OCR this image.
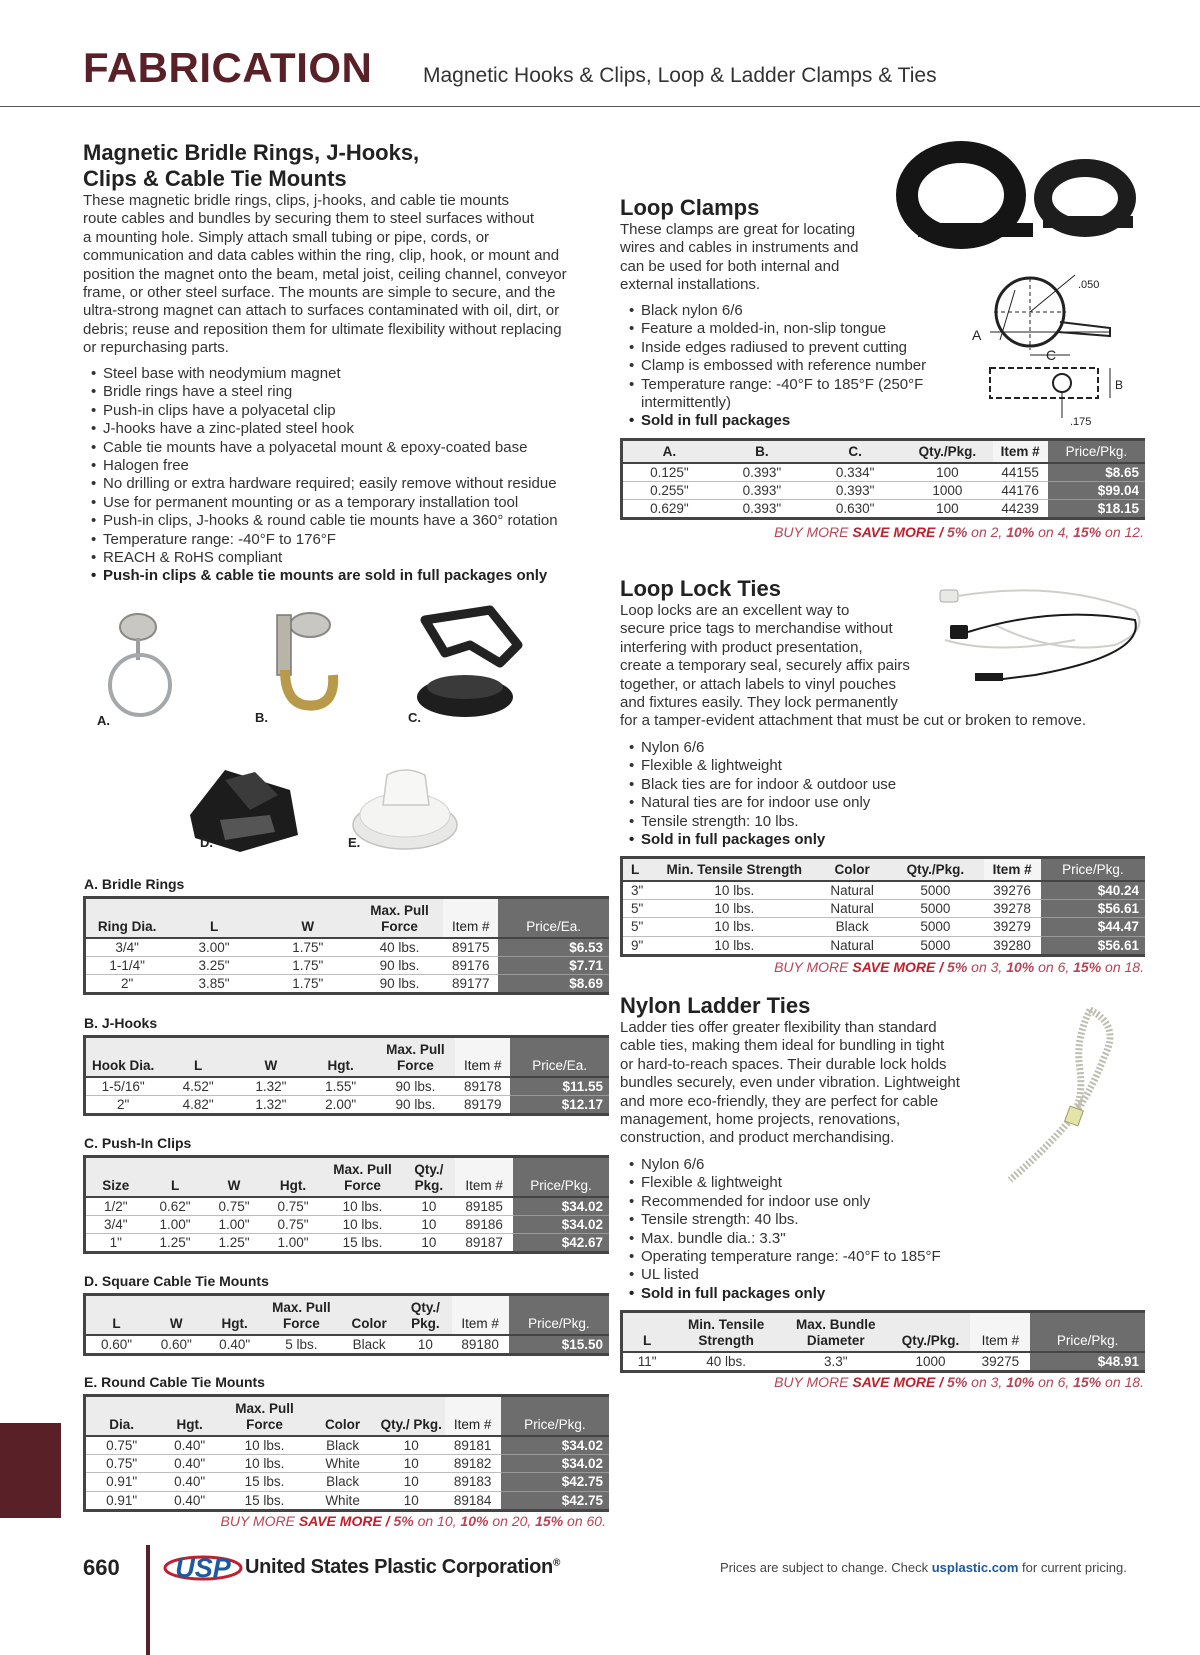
FABRICATION Magnetic Hooks & Clips, Loop & Ladder Clamps & Ties
Magnetic Bridle Rings, J-Hooks,
Clips & Cable Tie Mounts
These magnetic bridle rings, clips, j-hooks, and cable tie mounts
route cables and bundles by securing them to steel surfaces without
a mounting hole. Simply attach small tubing or pipe, cords, or
communication and data cables within the ring, clip, hook, or mount and
position the magnet onto the beam, metal joist, ceiling channel, conveyor
frame, or other steel surface. The mounts are simple to secure, and the
ultra-strong magnet can attach to surfaces contaminated with oil, dirt, or
debris; reuse and reposition them for ultimate flexibility without replacing
or repurchasing parts.
• Steel base with neodymium magnet
• Bridle rings have a steel ring
• Push-in clips have a polyacetal clip
• J-hooks have a zinc-plated steel hook
• Cable tie mounts have a polyacetal mount & epoxy-coated base
• Halogen free
• No drilling or extra hardware required; easily remove without residue
• Use for permanent mounting or as a temporary installation tool
• Push-in clips, J-hooks & round cable tie mounts have a 360° rotation
• Temperature range: -40°F to 176°F
• REACH & RoHS compliant
• Push-in clips & cable tie mounts are sold in full packages only
A.	B.	C.
D.	E.
A. Bridle Rings
Ring Dia.	L	W	Max. Pull Force	Item #	Price/Ea.
3/4"	3.00"	1.75"	40 lbs.	89175	$6.53
1-1/4"	3.25"	1.75"	90 lbs.	89176	$7.71
2"	3.85"	1.75"	90 lbs.	89177	$8.69
B. J-Hooks
Hook Dia.	L	W	Hgt.	Max. Pull Force	Item #	Price/Ea.
1-5/16"	4.52"	1.32"	1.55"	90 lbs.	89178	$11.55
2"	4.82"	1.32"	2.00"	90 lbs.	89179	$12.17
C. Push-In Clips
Size	L	W	Hgt.	Max. Pull Force	Qty./ Pkg.	Item #	Price/Pkg.
1/2"	0.62"	0.75"	0.75"	10 lbs.	10	89185	$34.02
3/4"	1.00"	1.00"	0.75"	10 lbs.	10	89186	$34.02
1"	1.25"	1.25"	1.00"	15 lbs.	10	89187	$42.67
D. Square Cable Tie Mounts
L	W	Hgt.	Max. Pull Force	Color	Qty./ Pkg.	Item #	Price/Pkg.
0.60"	0.60"	0.40"	5 lbs.	Black	10	89180	$15.50
E. Round Cable Tie Mounts
Dia.	Hgt.	Max. Pull Force	Color	Qty./ Pkg.	Item #	Price/Pkg.
0.75"	0.40"	10 lbs.	Black	10	89181	$34.02
0.75"	0.40"	10 lbs.	White	10	89182	$34.02
0.91"	0.40"	15 lbs.	Black	10	89183	$42.75
0.91"	0.40"	15 lbs.	White	10	89184	$42.75
BUY MORE SAVE MORE / 5% on 10, 10% on 20, 15% on 60.
Loop Clamps
These clamps are great for locating
wires and cables in instruments and
can be used for both internal and
external installations.
• Black nylon 6/6
• Feature a molded-in, non-slip tongue
• Inside edges radiused to prevent cutting
• Clamp is embossed with reference number
• Temperature range: -40°F to 185°F (250°F
intermittently)
• Sold in full packages
.050
A
C
B
.175
A.	B.	C.	Qty./Pkg.	Item #	Price/Pkg.
0.125"	0.393"	0.334"	100	44155	$8.65
0.255"	0.393"	0.393"	1000	44176	$99.04
0.629"	0.393"	0.630"	100	44239	$18.15
BUY MORE SAVE MORE / 5% on 2, 10% on 4, 15% on 12.
Loop Lock Ties
Loop locks are an excellent way to
secure price tags to merchandise without
interfering with product presentation,
create a temporary seal, securely affix pairs
together, or attach labels to vinyl pouches
and fixtures easily. They lock permanently
for a tamper-evident attachment that must be cut or broken to remove.
• Nylon 6/6
• Flexible & lightweight
• Black ties are for indoor & outdoor use
• Natural ties are for indoor use only
• Tensile strength: 10 lbs.
• Sold in full packages only
L	Min. Tensile Strength	Color	Qty./Pkg.	Item #	Price/Pkg.
3"	10 lbs.	Natural	5000	39276	$40.24
5"	10 lbs.	Natural	5000	39278	$56.61
5"	10 lbs.	Black	5000	39279	$44.47
9"	10 lbs.	Natural	5000	39280	$56.61
BUY MORE SAVE MORE / 5% on 3, 10% on 6, 15% on 18.
Nylon Ladder Ties
Ladder ties offer greater flexibility than standard
cable ties, making them ideal for bundling in tight
or hard-to-reach spaces. Their durable lock holds
bundles securely, even under vibration. Lightweight
and more eco-friendly, they are perfect for cable
management, home projects, renovations,
construction, and product merchandising.
• Nylon 6/6
• Flexible & lightweight
• Recommended for indoor use only
• Tensile strength: 40 lbs.
• Max. bundle dia.: 3.3"
• Operating temperature range: -40°F to 185°F
• UL listed
• Sold in full packages only
L	Min. Tensile Strength	Max. Bundle Diameter	Qty./Pkg.	Item #	Price/Pkg.
11"	40 lbs.	3.3"	1000	39275	$48.91
BUY MORE SAVE MORE / 5% on 3, 10% on 6, 15% on 18.
660 USP United States Plastic Corporation®	Prices are subject to change. Check usplastic.com for current pricing.
